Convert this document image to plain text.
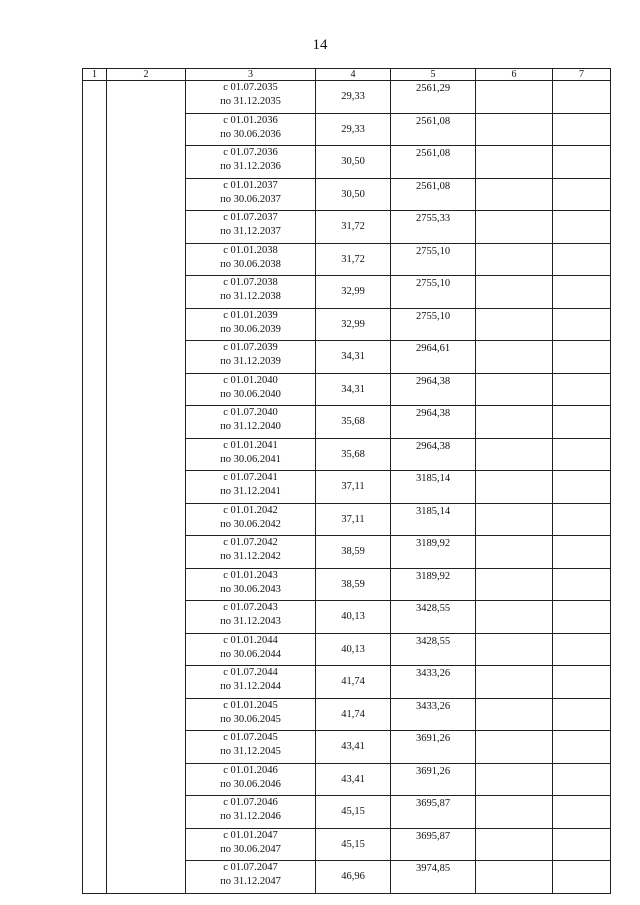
14
1	2	3	4	5	6	7

		с 01.07.2035
по 31.12.2035	29,33	2561,29		

		с 01.01.2036
по 30.06.2036	29,33	2561,08		

		с 01.07.2036
по 31.12.2036	30,50	2561,08		

		с 01.01.2037
по 30.06.2037	30,50	2561,08		

		с 01.07.2037
по 31.12.2037	31,72	2755,33		

		с 01.01.2038
по 30.06.2038	31,72	2755,10		

		с 01.07.2038
по 31.12.2038	32,99	2755,10		

		с 01.01.2039
по 30.06.2039	32,99	2755,10		

		с 01.07.2039
по 31.12.2039	34,31	2964,61		

		с 01.01.2040
по 30.06.2040	34,31	2964,38		

		с 01.07.2040
по 31.12.2040	35,68	2964,38		

		с 01.01.2041
по 30.06.2041	35,68	2964,38		

		с 01.07.2041
по 31.12.2041	37,11	3185,14		

		с 01.01.2042
по 30.06.2042	37,11	3185,14		

		с 01.07.2042
по 31.12.2042	38,59	3189,92		

		с 01.01.2043
по 30.06.2043	38,59	3189,92		

		с 01.07.2043
по 31.12.2043	40,13	3428,55		

		с 01.01.2044
по 30.06.2044	40,13	3428,55		

		с 01.07.2044
по 31.12.2044	41,74	3433,26		

		с 01.01.2045
по 30.06.2045	41,74	3433,26		

		с 01.07.2045
по 31.12.2045	43,41	3691,26		

		с 01.01.2046
по 30.06.2046	43,41	3691,26		

		с 01.07.2046
по 31.12.2046	45,15	3695,87		

		с 01.01.2047
по 30.06.2047	45,15	3695,87		

		с 01.07.2047
по 31.12.2047	46,96	3974,85		
